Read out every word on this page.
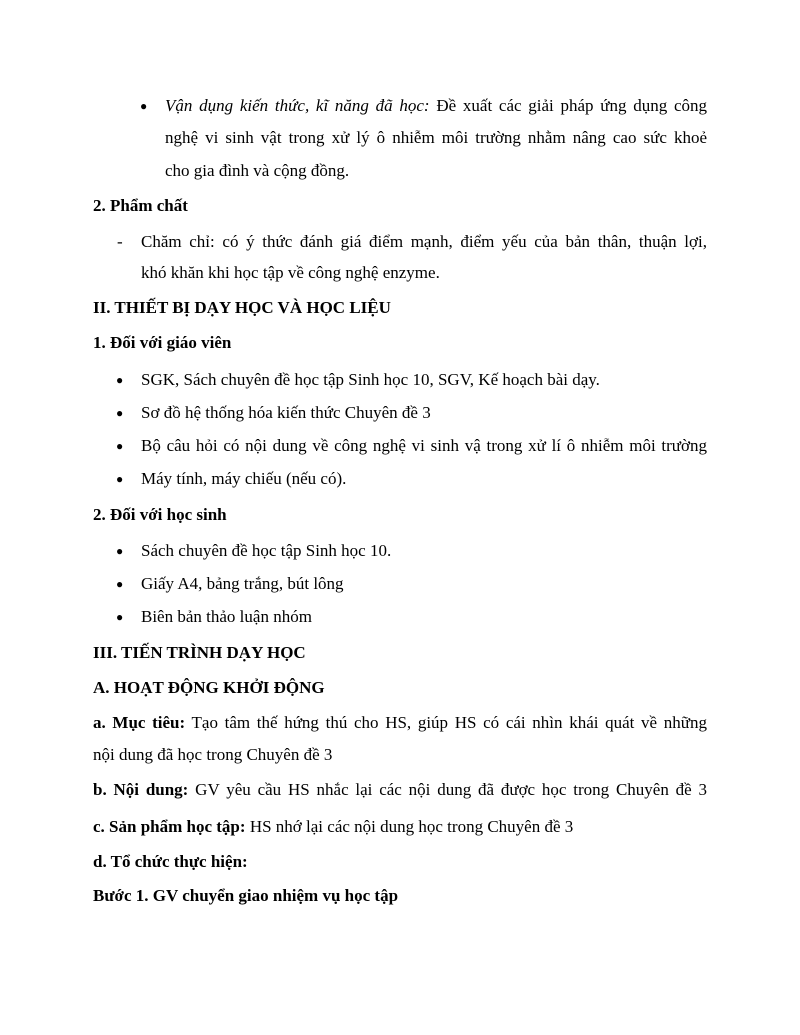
● Vận dụng kiến thức, kĩ năng đã học: Đề xuất các giải pháp ứng dụng công
nghệ vi sinh vật trong xử lý ô nhiễm môi trường nhằm nâng cao sức khoẻ
cho gia đình và cộng đồng.
2. Phẩm chất
- Chăm chỉ: có ý thức đánh giá điểm mạnh, điểm yếu của bản thân, thuận lợi,
khó khăn khi học tập về công nghệ enzyme.
II. THIẾT BỊ DẠY HỌC VÀ HỌC LIỆU
1. Đối với giáo viên
● SGK, Sách chuyên đề học tập Sinh học 10, SGV, Kế hoạch bài dạy.
● Sơ đồ hệ thống hóa kiến thức Chuyên đề 3
● Bộ câu hỏi có nội dung về công nghệ vi sinh vậ trong xử lí ô nhiễm môi trường
● Máy tính, máy chiếu (nếu có).
2. Đối với học sinh
● Sách chuyên đề học tập Sinh học 10.
● Giấy A4, bảng trắng, bút lông
● Biên bản thảo luận nhóm
III. TIẾN TRÌNH DẠY HỌC
A. HOẠT ĐỘNG KHỞI ĐỘNG
a. Mục tiêu: Tạo tâm thế hứng thú cho HS, giúp HS có cái nhìn khái quát về những
nội dung đã học trong Chuyên đề 3
b. Nội dung: GV yêu cầu HS nhắc lại các nội dung đã được học trong Chuyên đề 3
c. Sản phẩm học tập: HS nhớ lại các nội dung học trong Chuyên đề 3
d. Tổ chức thực hiện:
Bước 1. GV chuyển giao nhiệm vụ học tập
